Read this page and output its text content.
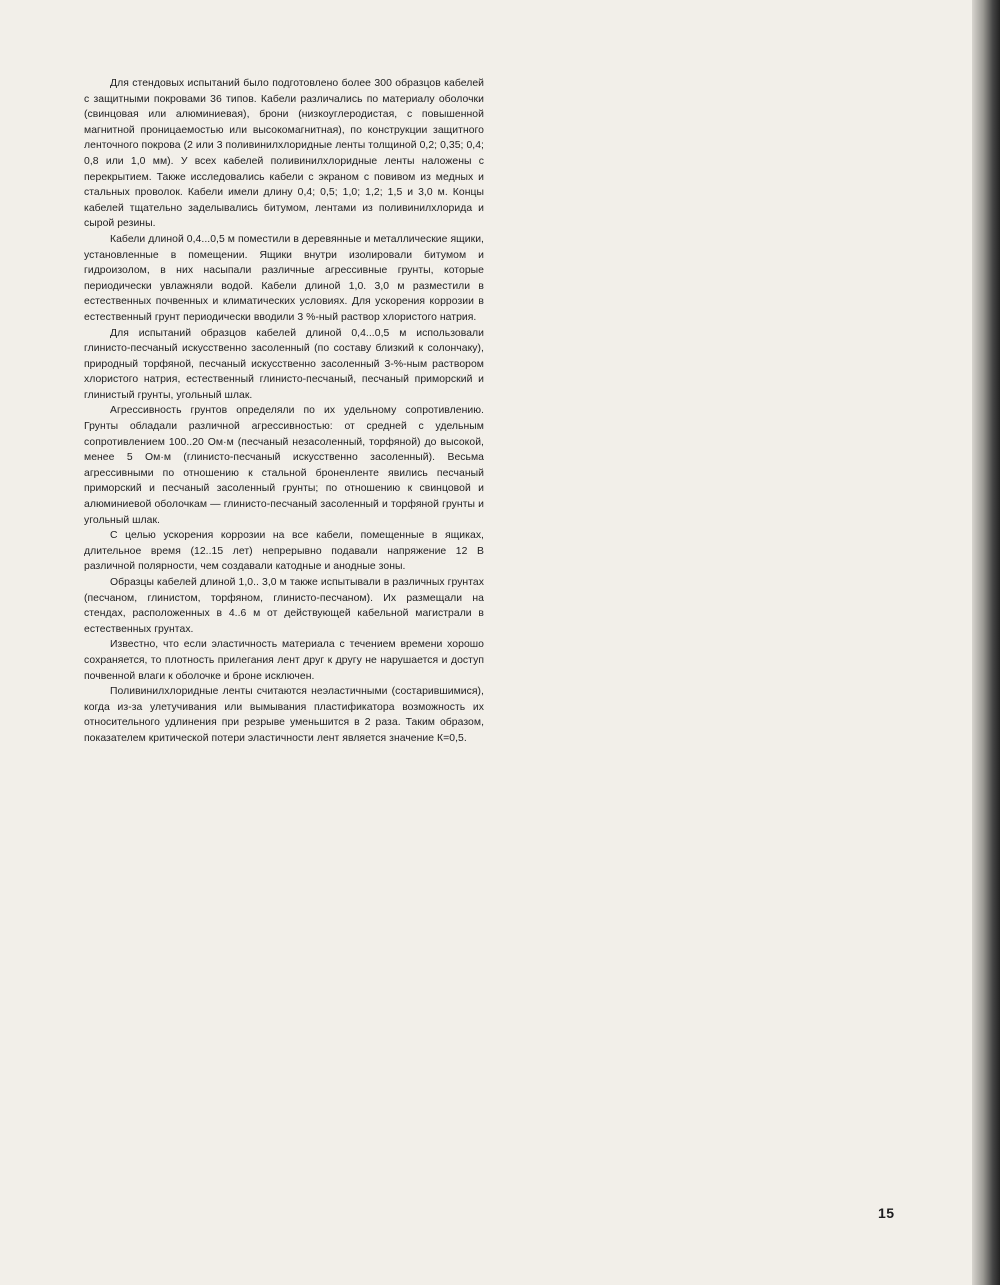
Для стендовых испытаний было подготовлено более 300 образцов кабелей с защитными покровами 36 типов. Кабели различались по материалу оболочки (свинцовая или алюминиевая), брони (низкоуглеродистая, с повышенной магнитной проницаемостью или высокомагнитная), по конструкции защитного ленточного покрова (2 или 3 поливинилхлоридные ленты толщиной 0,2; 0,35; 0,4; 0,8 или 1,0 мм). У всех кабелей поливинилхлоридные ленты наложены с перекрытием. Также исследовались кабели с экраном с повивом из медных и стальных проволок. Кабели имели длину 0,4; 0,5; 1,0; 1,2; 1,5 и 3,0 м. Концы кабелей тщательно заделывались битумом, лентами из поливинилхлорида и сырой резины.

Кабели длиной 0,4...0,5 м поместили в деревянные и металлические ящики, установленные в помещении. Ящики внутри изолировали битумом и гидроизолом, в них насыпали различные агрессивные грунты, которые периодически увлажняли водой. Кабели длиной 1,0. 3,0 м разместили в естественных почвенных и климатических условиях. Для ускорения коррозии в естественный грунт периодически вводили 3 %-ный раствор хлористого натрия.

Для испытаний образцов кабелей длиной 0,4...0,5 м использовали глинисто-песчаный искусственно засоленный (по составу близкий к солончаку), природный торфяной, песчаный искусственно засоленный 3-%-ным раствором хлористого натрия, естественный глинисто-песчаный, песчаный приморский и глинистый грунты, угольный шлак.

Агрессивность грунтов определяли по их удельному сопротивлению. Грунты обладали различной агрессивностью: от средней с удельным сопротивлением 100..20 Ом·м (песчаный незасоленный, торфяной) до высокой, менее 5 Ом·м (глинисто-песчаный искусственно засоленный). Весьма агрессивными по отношению к стальной броненленте явились песчаный приморский и песчаный засоленный грунты; по отношению к свинцовой и алюминиевой оболочкам — глинисто-песчаный засоленный и торфяной грунты и угольный шлак.

С целью ускорения коррозии на все кабели, помещенные в ящиках, длительное время (12..15 лет) непрерывно подавали напряжение 12 В различной полярности, чем создавали катодные и анодные зоны.

Образцы кабелей длиной 1,0.. 3,0 м также испытывали в различных грунтах (песчаном, глинистом, торфяном, глинисто-песчаном). Их размещали на стендах, расположенных в 4..6 м от действующей кабельной магистрали в естественных грунтах.

Известно, что если эластичность материала с течением времени хорошо сохраняется, то плотность прилегания лент друг к другу не нарушается и доступ почвенной влаги к оболочке и броне исключен.

Поливинилхлоридные ленты считаются неэластичными (состарившимися), когда из-за улетучивания или вымывания пластификатора возможность их относительного удлинения при резрыве уменьшится в 2 раза. Таким образом, показателем критической потери эластичности лент является значение К=0,5.

15
